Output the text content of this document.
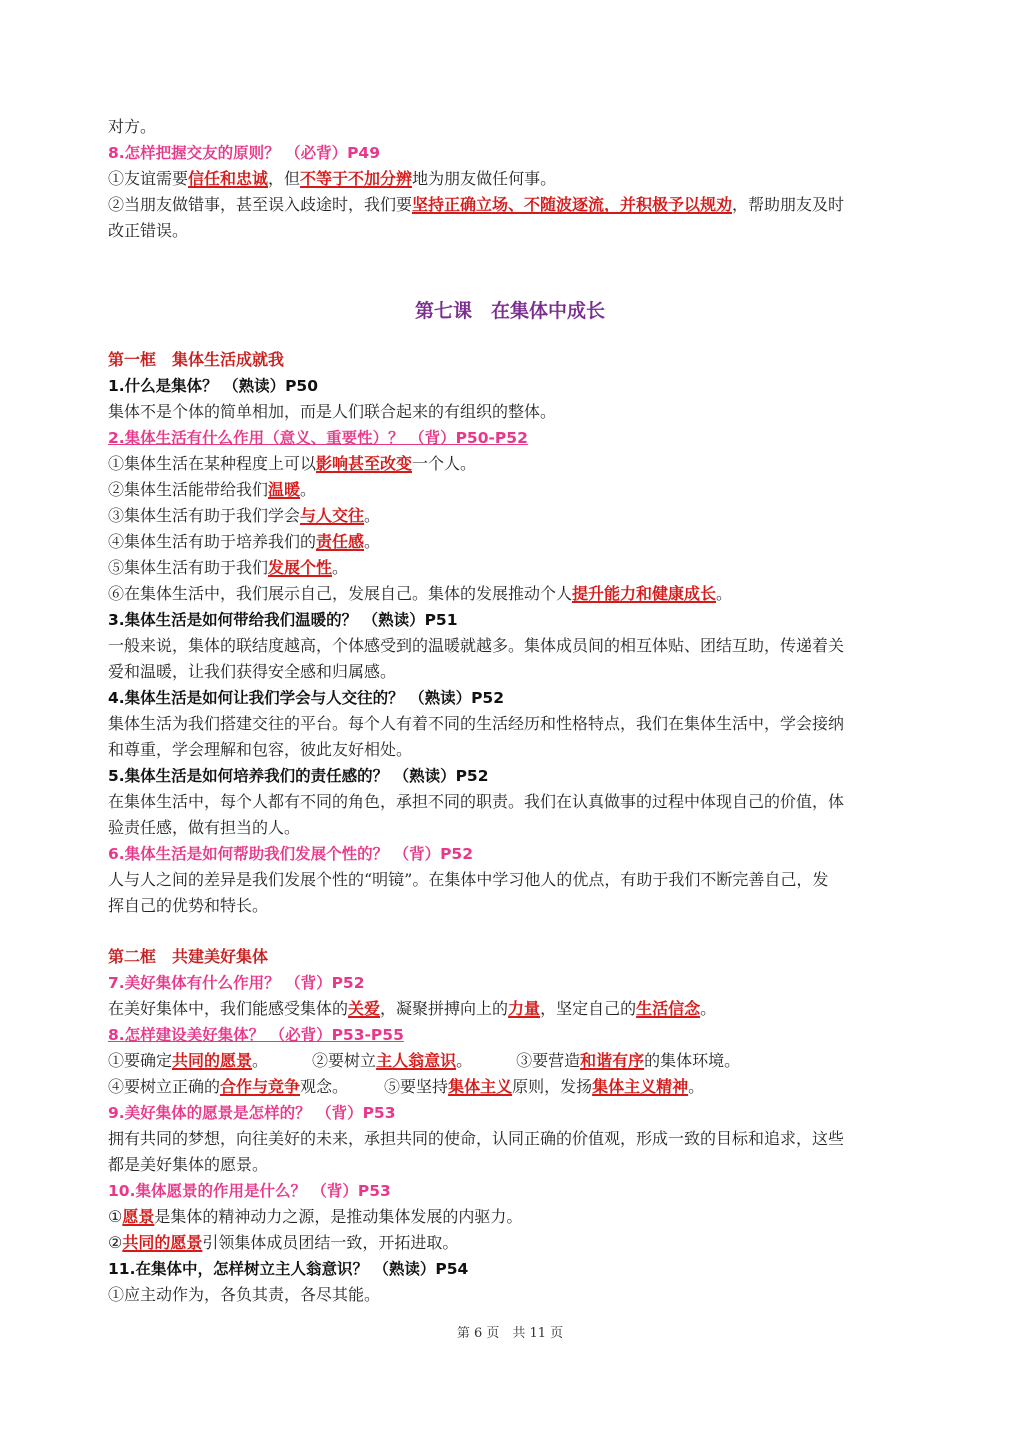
对方。
8.怎样把握交友的原则？ （必背）P49
①友谊需要信任和忠诚，但不等于不加分辨地为朋友做任何事。
②当朋友做错事，甚至误入歧途时，我们要坚持正确立场、不随波逐流，并积极予以规劝，帮助朋友及时
改正错误。
第七课　在集体中成长
第一框　集体生活成就我
1.什么是集体？ （熟读）P50
集体不是个体的简单相加，而是人们联合起来的有组织的整体。
2.集体生活有什么作用（意义、重要性）？ （背）P50-P52
①集体生活在某种程度上可以影响甚至改变一个人。
②集体生活能带给我们温暖。
③集体生活有助于我们学会与人交往。
④集体生活有助于培养我们的责任感。
⑤集体生活有助于我们发展个性。
⑥在集体生活中，我们展示自己，发展自己。集体的发展推动个人提升能力和健康成长。
3.集体生活是如何带给我们温暖的？ （熟读）P51
一般来说，集体的联结度越高，个体感受到的温暖就越多。集体成员间的相互体贴、团结互助，传递着关
爱和温暖，让我们获得安全感和归属感。
4.集体生活是如何让我们学会与人交往的？ （熟读）P52
集体生活为我们搭建交往的平台。每个人有着不同的生活经历和性格特点，我们在集体生活中，学会接纳
和尊重，学会理解和包容，彼此友好相处。
5.集体生活是如何培养我们的责任感的？ （熟读）P52
在集体生活中，每个人都有不同的角色，承担不同的职责。我们在认真做事的过程中体现自己的价值，体
验责任感，做有担当的人。
6.集体生活是如何帮助我们发展个性的？ （背）P52
人与人之间的差异是我们发展个性的“明镜”。在集体中学习他人的优点，有助于我们不断完善自己，发
挥自己的优势和特长。
第二框　共建美好集体
7.美好集体有什么作用？ （背）P52
在美好集体中，我们能感受集体的关爱，凝聚拼搏向上的力量，坚定自己的生活信念。
8.怎样建设美好集体？ （必背）P53-P55
①要确定共同的愿景。	②要树立主人翁意识。	③要营造和谐有序的集体环境。
④要树立正确的合作与竞争观念。 ⑤要坚持集体主义原则，发扬集体主义精神。
9.美好集体的愿景是怎样的？ （背）P53
拥有共同的梦想，向往美好的未来，承担共同的使命，认同正确的价值观，形成一致的目标和追求，这些
都是美好集体的愿景。
10.集体愿景的作用是什么？ （背）P53
①愿景是集体的精神动力之源，是推动集体发展的内驱力。
②共同的愿景引领集体成员团结一致，开拓进取。
11.在集体中，怎样树立主人翁意识？ （熟读）P54
①应主动作为，各负其责，各尽其能。
第 6 页　共 11 页
